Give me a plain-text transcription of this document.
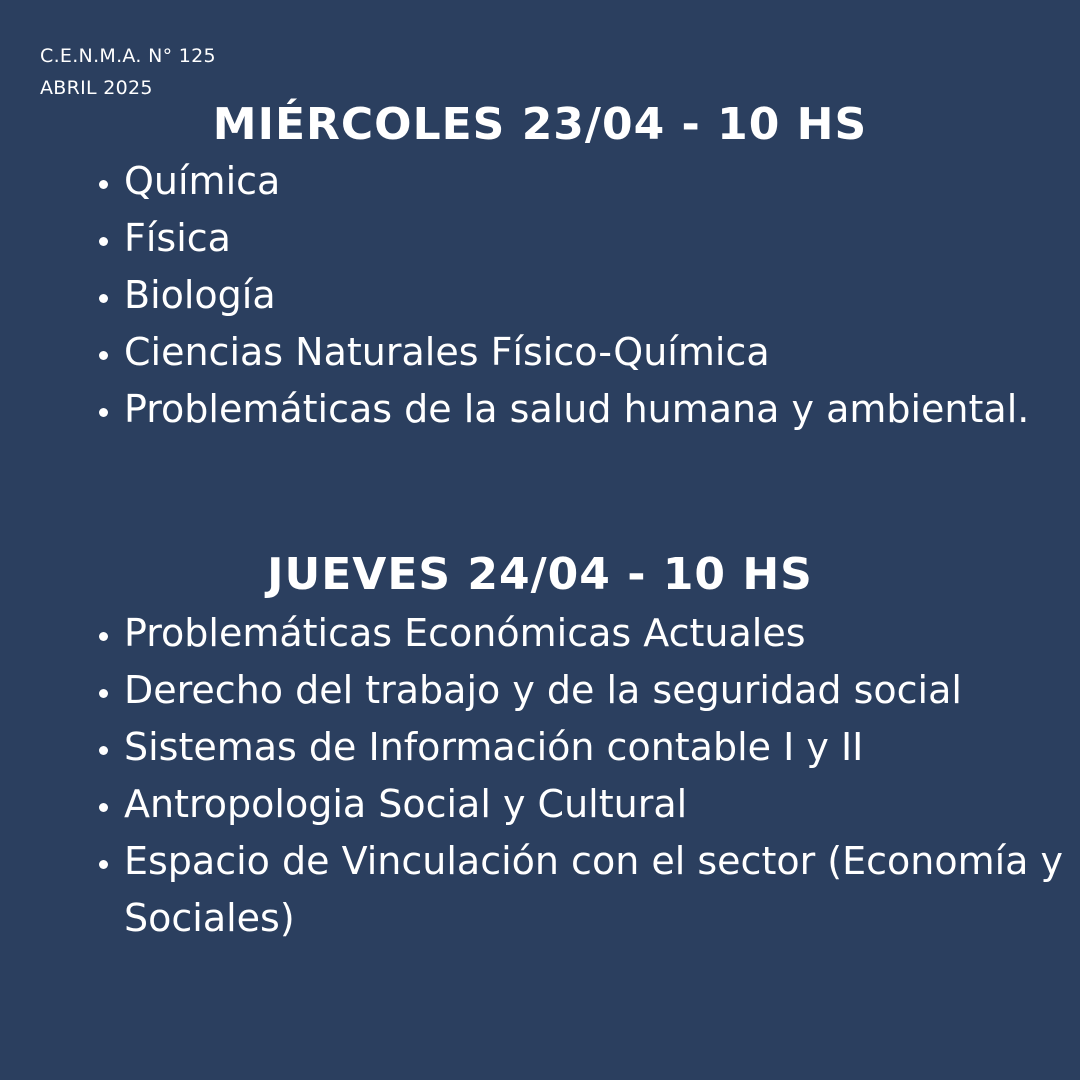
C.E.N.M.A. N° 125
ABRIL 2025
MIÉRCOLES 23/04 - 10 HS
• Química
• Física
• Biología
• Ciencias Naturales Físico-Química
• Problemáticas de la salud humana y ambiental.
JUEVES 24/04 - 10 HS
• Problemáticas Económicas Actuales
• Derecho del trabajo y de la seguridad social
• Sistemas de Información contable I y II
• Antropologia Social y Cultural
• Espacio de Vinculación con el sector (Economía y Sociales)
